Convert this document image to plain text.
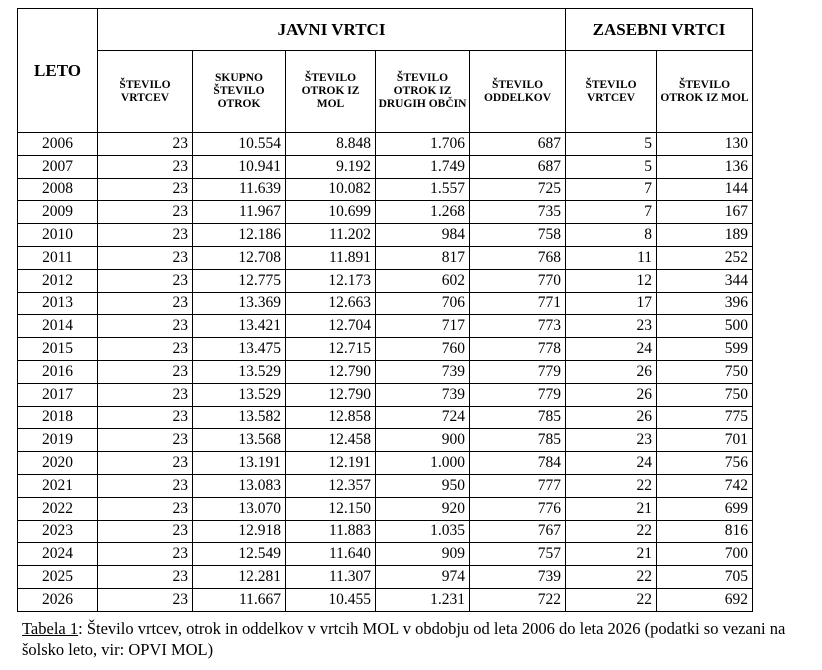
LETO	JAVNI VRTCI					ZASEBNI VRTCI	
	ŠTEVILO VRTCEV	SKUPNO ŠTEVILO OTROK	ŠTEVILO OTROK IZ MOL	ŠTEVILO OTROK IZ DRUGIH OBČIN	ŠTEVILO ODDELKOV	ŠTEVILO VRTCEV	ŠTEVILO OTROK IZ MOL
2006	23	10.554	8.848	1.706	687	5	130
2007	23	10.941	9.192	1.749	687	5	136
2008	23	11.639	10.082	1.557	725	7	144
2009	23	11.967	10.699	1.268	735	7	167
2010	23	12.186	11.202	984	758	8	189
2011	23	12.708	11.891	817	768	11	252
2012	23	12.775	12.173	602	770	12	344
2013	23	13.369	12.663	706	771	17	396
2014	23	13.421	12.704	717	773	23	500
2015	23	13.475	12.715	760	778	24	599
2016	23	13.529	12.790	739	779	26	750
2017	23	13.529	12.790	739	779	26	750
2018	23	13.582	12.858	724	785	26	775
2019	23	13.568	12.458	900	785	23	701
2020	23	13.191	12.191	1.000	784	24	756
2021	23	13.083	12.357	950	777	22	742
2022	23	13.070	12.150	920	776	21	699
2023	23	12.918	11.883	1.035	767	22	816
2024	23	12.549	11.640	909	757	21	700
2025	23	12.281	11.307	974	739	22	705
2026	23	11.667	10.455	1.231	722	22	692
Tabela 1: Število vrtcev, otrok in oddelkov v vrtcih MOL v obdobju od leta 2006 do leta 2026 (podatki so vezani na šolsko leto, vir: OPVI MOL)
